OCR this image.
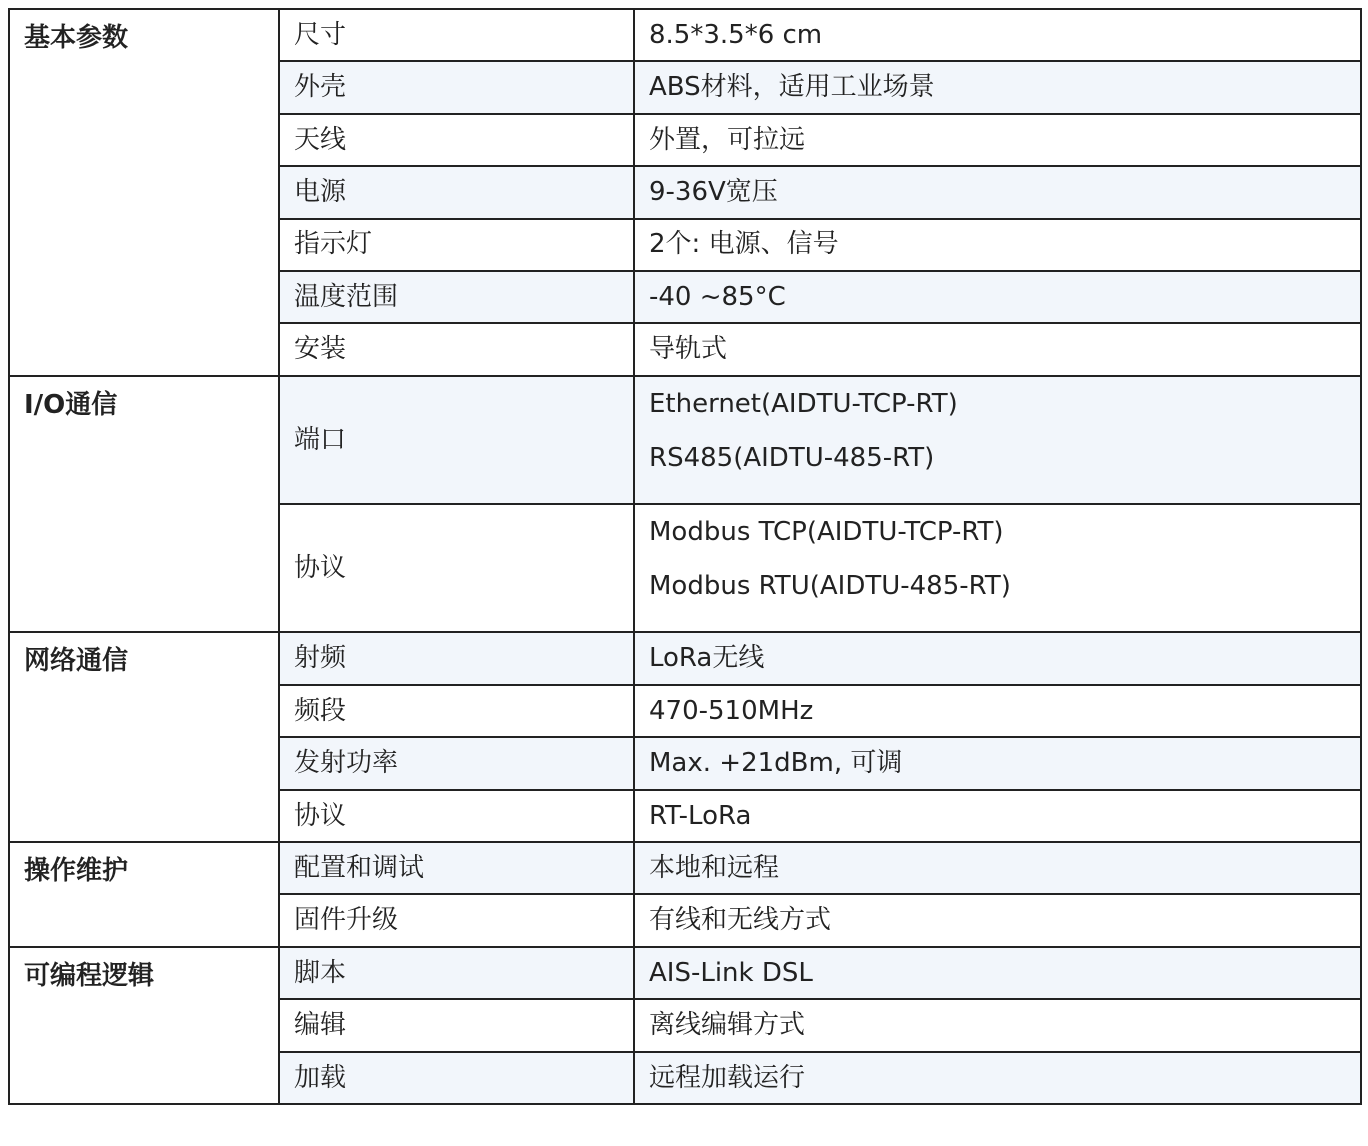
基本参数	尺寸	8.5*3.5*6 cm
	外壳	ABS材料，适用工业场景
	天线	外置，可拉远
	电源	9-36V宽压
	指示灯	2个: 电源、信号
	温度范围	-40 ~85°C
	安装	导轨式
I/O通信	端口	Ethernet(AIDTU-TCP-RT)
RS485(AIDTU-485-RT)

	协议	Modbus TCP(AIDTU-TCP-RT)
Modbus RTU(AIDTU-485-RT)

网络通信	射频	LoRa无线
	频段	470-510MHz
	发射功率	Max. +21dBm, 可调
	协议	RT-LoRa
操作维护	配置和调试	本地和远程
	固件升级	有线和无线方式
可编程逻辑	脚本	AIS-Link DSL
	编辑	离线编辑方式
	加载	远程加载运行
